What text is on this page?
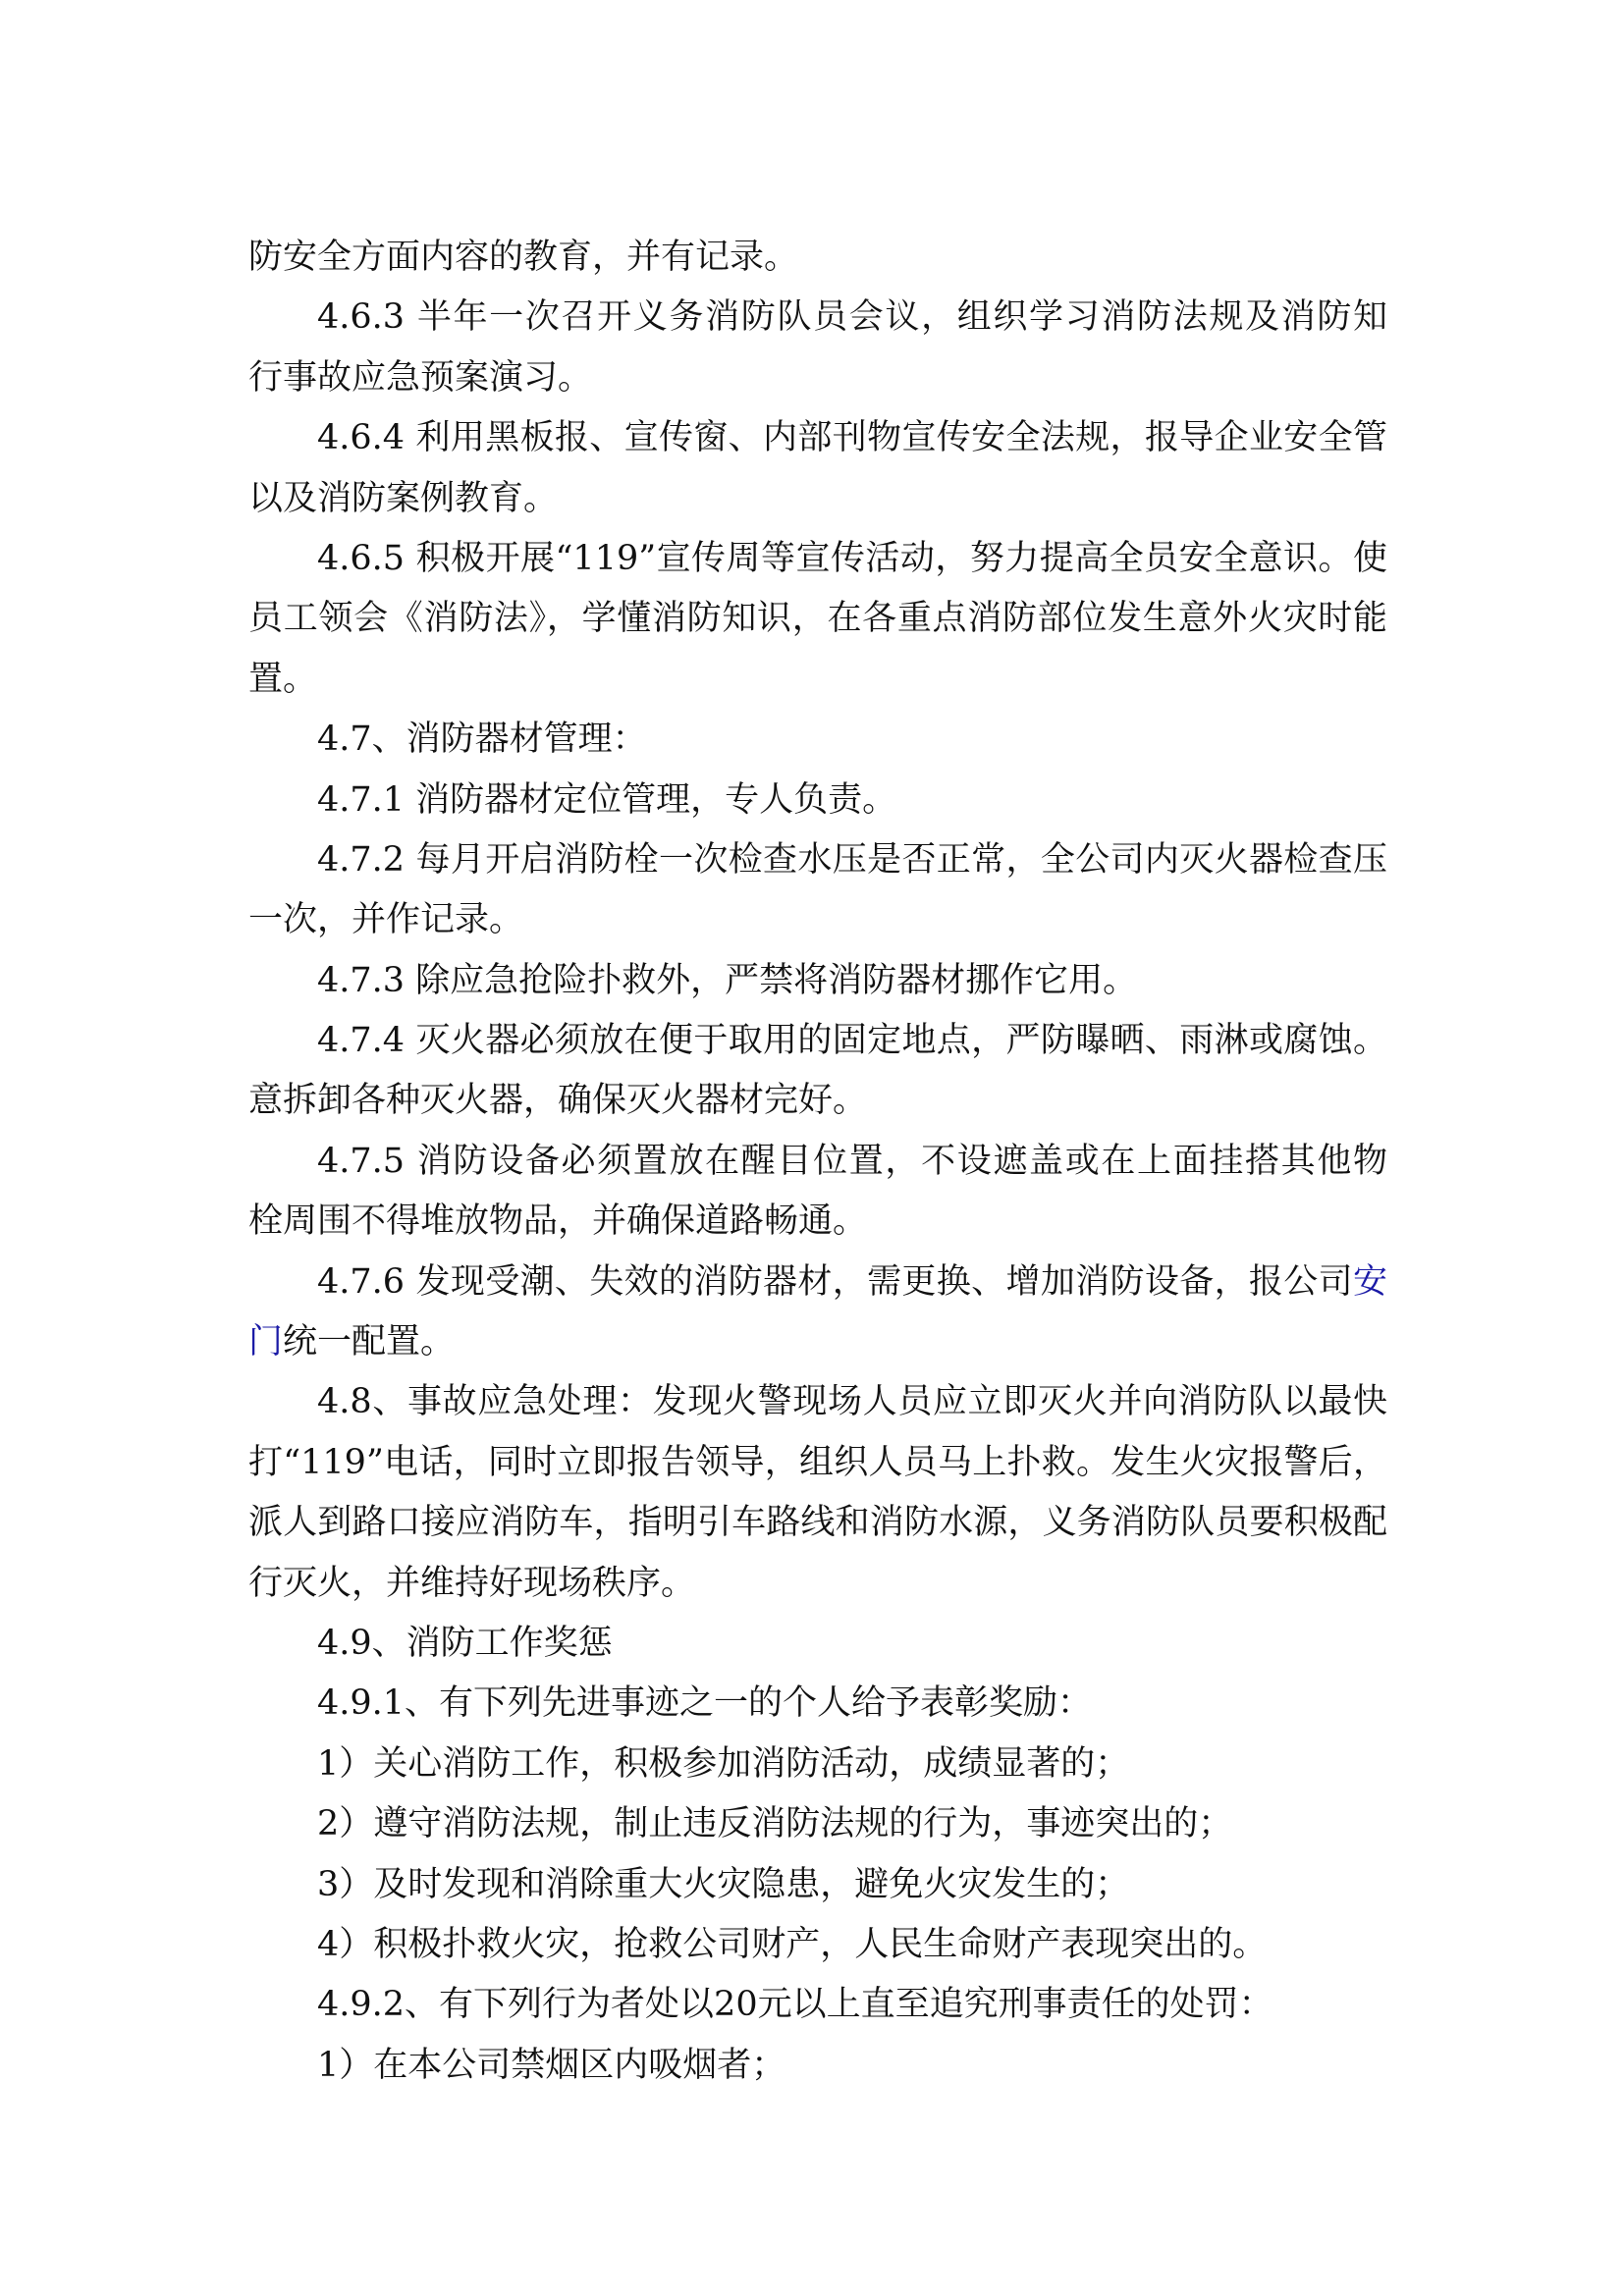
防安全方面内容的教育，并有记录。
4.6.3 半年一次召开义务消防队员会议，组织学习消防法规及消防知
行事故应急预案演习。
4.6.4 利用黑板报、宣传窗、内部刊物宣传安全法规，报导企业安全管
以及消防案例教育。
4.6.5 积极开展“119”宣传周等宣传活动，努力提高全员安全意识。使
员工领会《消防法》，学懂消防知识，在各重点消防部位发生意外火灾时能
置。
4.7、消防器材管理：
4.7.1 消防器材定位管理，专人负责。
4.7.2 每月开启消防栓一次检查水压是否正常，全公司内灭火器检查压
一次，并作记录。
4.7.3 除应急抢险扑救外，严禁将消防器材挪作它用。
4.7.4 灭火器必须放在便于取用的固定地点，严防曝晒、雨淋或腐蚀。
意拆卸各种灭火器，确保灭火器材完好。
4.7.5 消防设备必须置放在醒目位置，不设遮盖或在上面挂搭其他物
栓周围不得堆放物品，并确保道路畅通。
4.7.6 发现受潮、失效的消防器材，需更换、增加消防设备，报公司安
门统一配置。
4.8、事故应急处理：发现火警现场人员应立即灭火并向消防队以最快
打“119”电话，同时立即报告领导，组织人员马上扑救。发生火灾报警后，
派人到路口接应消防车，指明引车路线和消防水源，义务消防队员要积极配
行灭火，并维持好现场秩序。
4.9、消防工作奖惩
4.9.1、有下列先进事迹之一的个人给予表彰奖励：
1）关心消防工作，积极参加消防活动，成绩显著的；
2）遵守消防法规，制止违反消防法规的行为，事迹突出的；
3）及时发现和消除重大火灾隐患，避免火灾发生的；
4）积极扑救火灾，抢救公司财产，人民生命财产表现突出的。
4.9.2、有下列行为者处以20元以上直至追究刑事责任的处罚：
1）在本公司禁烟区内吸烟者；
